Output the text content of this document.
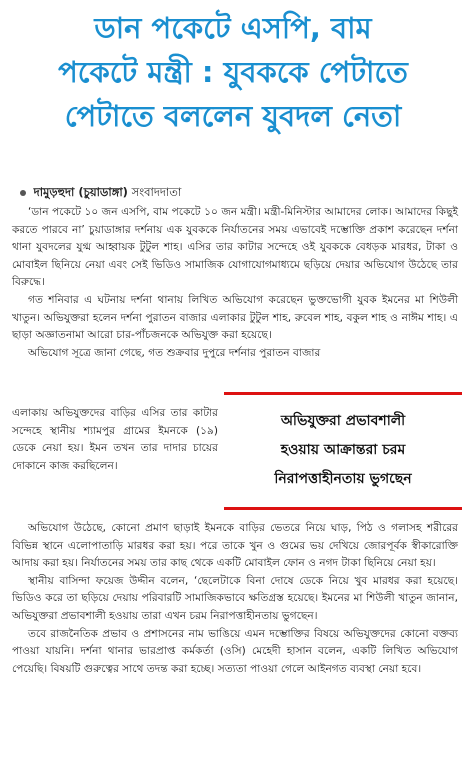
ডান পকেটে এসপি, বাম
পকেটে মন্ত্রী : যুবককে পেটাতে
পেটাতে বললেন যুবদল নেতা
দামুড়হুদা (চুয়াডাঙ্গা) সংবাদদাতা

‘ডান পকেটে ১০ জন এসপি, বাম পকেটে ১০ জন মন্ত্রী। মন্ত্রী-মিনিস্টার আমাদের লোক। আমাদের কিছুই করতে পারবে না’ চুয়াডাঙ্গার দর্শনায় এক যুবককে নির্যাতনের সময় এভাবেই দম্ভোক্তি প্রকাশ করেছেন দর্শনা থানা যুবদলের যুগ্ম আহ্বায়ক টুটুল শাহ। এসির তার কাটার সন্দেহে ওই যুবককে বেধড়ক মারধর, টাকা ও মোবাইল ছিনিয়ে নেয়া এবং সেই ভিডিও সামাজিক যোগাযোগমাধ্যমে ছড়িয়ে দেয়ার অভিযোগ উঠেছে তার বিরুদ্ধে।

গত শনিবার এ ঘটনায় দর্শনা থানায় লিখিত অভিযোগ করেছেন ভুক্তভোগী যুবক ইমনের মা শিউলী খাতুন। অভিযুক্তরা হলেন দর্শনা পুরাতন বাজার এলাকার টুটুল শাহ, রুবেল শাহ, বকুল শাহ ও নাঈম শাহ। এ ছাড়া অজ্ঞাতনামা আরো চার-পাঁচজনকে অভিযুক্ত করা হয়েছে।

অভিযোগ সূত্রে জানা গেছে, গত শুক্রবার দুপুরে দর্শনার পুরাতন বাজার

এলাকায় অভিযুক্তদের বাড়ির এসির তার কাটার সন্দেহে স্থানীয় শ্যামপুর গ্রামের ইমনকে (১৯) ডেকে নেয়া হয়। ইমন তখন তার দাদার চায়ের দোকানে কাজ করছিলেন।
অভিযুক্তরা প্রভাবশালী
হওয়ায় আক্রান্তরা চরম
নিরাপত্তাহীনতায় ভুগছেন

অভিযোগ উঠেছে, কোনো প্রমাণ ছাড়াই ইমনকে বাড়ির ভেতরে নিয়ে ঘাড়, পিঠ ও গলাসহ শরীরের বিভিন্ন স্থানে এলোপাতাড়ি মারধর করা হয়। পরে তাকে খুন ও গুমের ভয় দেখিয়ে জোরপূর্বক স্বীকারোক্তি আদায় করা হয়। নির্যাতনের সময় তার কাছ থেকে একটি মোবাইল ফোন ও নগদ টাকা ছিনিয়ে নেয়া হয়।

স্থানীয় বাসিন্দা ফয়েজ উদ্দীন বলেন, ‘ছেলেটাকে বিনা দোষে ডেকে নিয়ে খুব মারধর করা হয়েছে। ভিডিও করে তা ছড়িয়ে দেয়ায় পরিবারটি সামাজিকভাবে ক্ষতিগ্রস্ত হয়েছে। ইমনের মা শিউলী খাতুন জানান, অভিযুক্তরা প্রভাবশালী হওয়ায় তারা এখন চরম নিরাপত্তাহীনতায় ভুগছেন।

তবে রাজনৈতিক প্রভাব ও প্রশাসনের নাম ভাঙিয়ে এমন দম্ভোক্তির বিষয়ে অভিযুক্তদের কোনো বক্তব্য পাওয়া যায়নি। দর্শনা থানার ভারপ্রাপ্ত কর্মকর্তা (ওসি) মেহেদী হাসান বলেন, একটি লিখিত অভিযোগ পেয়েছি। বিষয়টি গুরুত্বের সাথে তদন্ত করা হচ্ছে। সত্যতা পাওয়া গেলে আইনগত ব্যবস্থা নেয়া হবে।
